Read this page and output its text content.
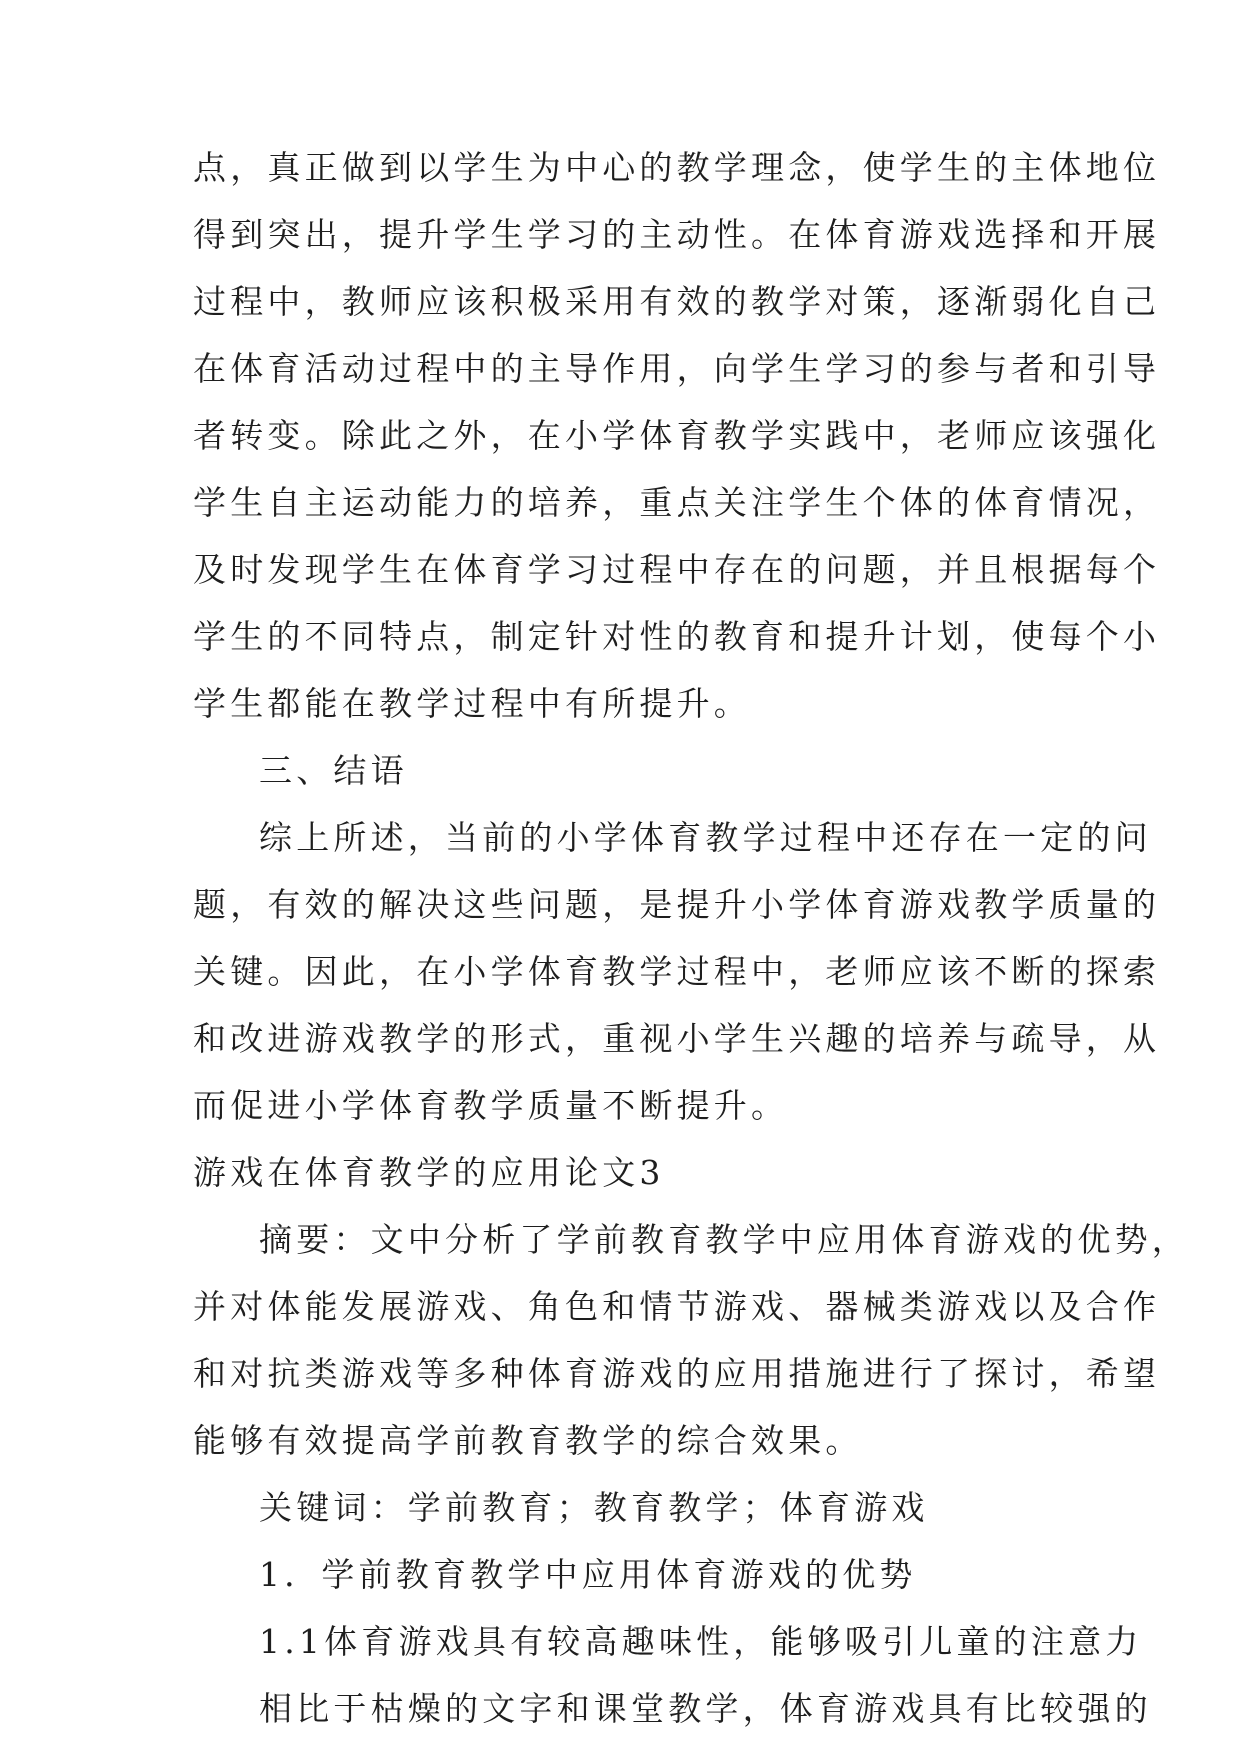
点，真正做到以学生为中心的教学理念，使学生的主体地位
得到突出，提升学生学习的主动性。在体育游戏选择和开展
过程中，教师应该积极采用有效的教学对策，逐渐弱化自己
在体育活动过程中的主导作用，向学生学习的参与者和引导
者转变。除此之外，在小学体育教学实践中，老师应该强化
学生自主运动能力的培养，重点关注学生个体的体育情况，
及时发现学生在体育学习过程中存在的问题，并且根据每个
学生的不同特点，制定针对性的教育和提升计划，使每个小
学生都能在教学过程中有所提升。
三、结语
综上所述，当前的小学体育教学过程中还存在一定的问
题，有效的解决这些问题，是提升小学体育游戏教学质量的
关键。因此，在小学体育教学过程中，老师应该不断的探索
和改进游戏教学的形式，重视小学生兴趣的培养与疏导，从
而促进小学体育教学质量不断提升。
游戏在体育教学的应用论文3
摘要：文中分析了学前教育教学中应用体育游戏的优势，
并对体能发展游戏、角色和情节游戏、器械类游戏以及合作
和对抗类游戏等多种体育游戏的应用措施进行了探讨，希望
能够有效提高学前教育教学的综合效果。
关键词：学前教育；教育教学；体育游戏
1．学前教育教学中应用体育游戏的优势
1.1体育游戏具有较高趣味性，能够吸引儿童的注意力
相比于枯燥的文字和课堂教学，体育游戏具有比较强的
